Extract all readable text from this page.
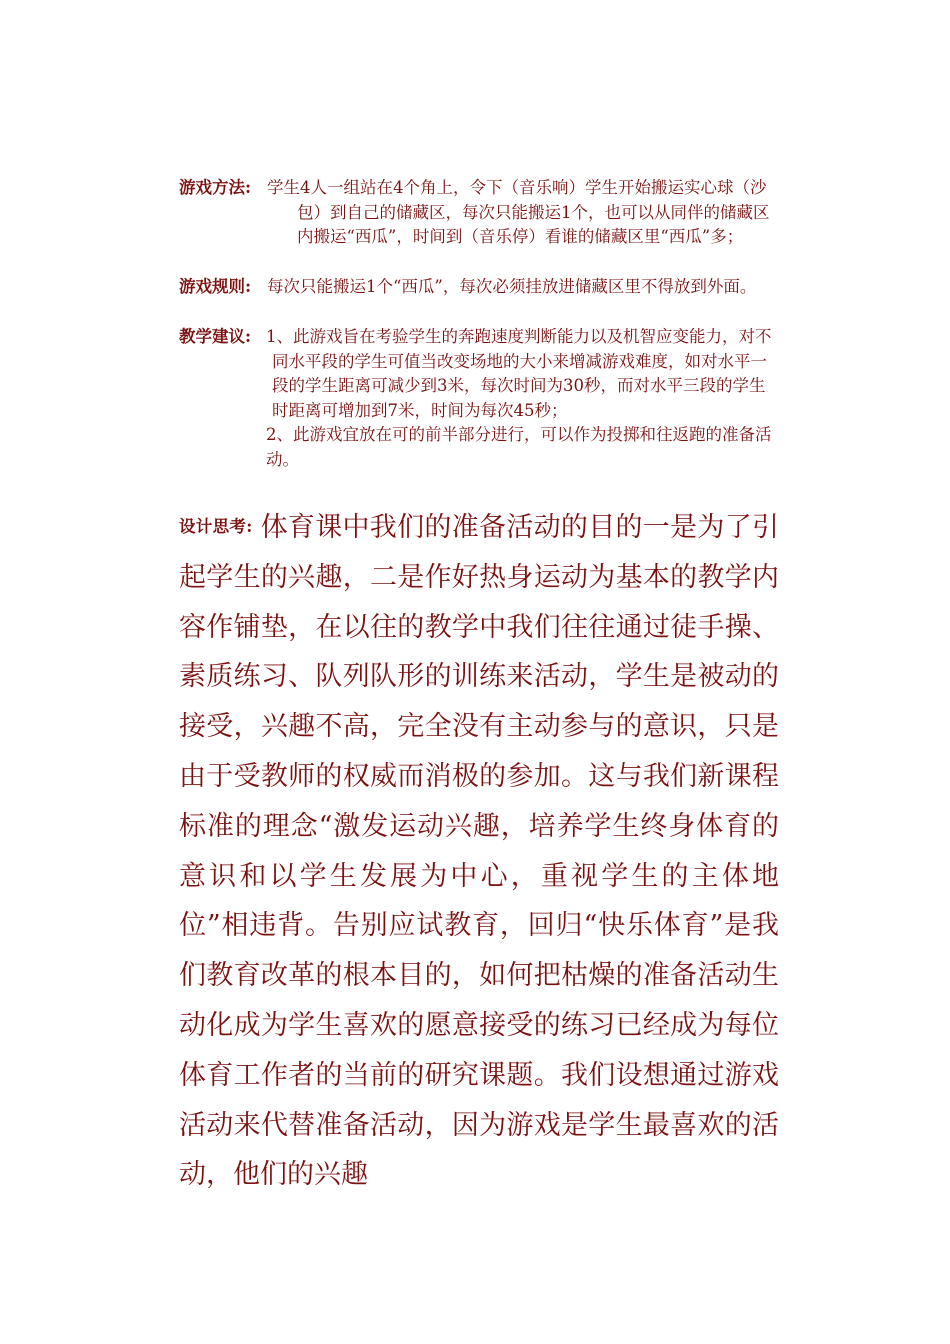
游戏方法: 学生4人一组站在4个角上，令下（音乐响）学生开始搬运实心球（沙包）到自己的储藏区，每次只能搬运1个，也可以从同伴的储藏区内搬运“西瓜”，时间到（音乐停）看谁的储藏区里“西瓜”多；
游戏规则: 每次只能搬运1个“西瓜”，每次必须挂放进储藏区里不得放到外面。
教学建议: 1、此游戏旨在考验学生的奔跑速度判断能力以及机智应变能力，对不同水平段的学生可值当改变场地的大小来增减游戏难度，如对水平一段的学生距离可减少到3米，每次时间为30秒，而对水平三段的学生时距离可增加到7米，时间为每次45秒；
2、此游戏宜放在可的前半部分进行，可以作为投掷和往返跑的准备活动。
设计思考: 体育课中我们的准备活动的目的一是为了引起学生的兴趣，二是作好热身运动为基本的教学内容作铺垫，在以往的教学中我们往往通过徒手操、素质练习、队列队形的训练来活动，学生是被动的接受，兴趣不高，完全没有主动参与的意识，只是由于受教师的权威而消极的参加。这与我们新课程标准的理念“激发运动兴趣，培养学生终身体育的意识和以学生发展为中心，重视学生的主体地位”相违背。告别应试教育，回归“快乐体育”是我们教育改革的根本目的，如何把枯燥的准备活动生动化成为学生喜欢的愿意接受的练习已经成为每位体育工作者的当前的研究课题。我们设想通过游戏活动来代替准备活动，因为游戏是学生最喜欢的活动，他们的兴趣
